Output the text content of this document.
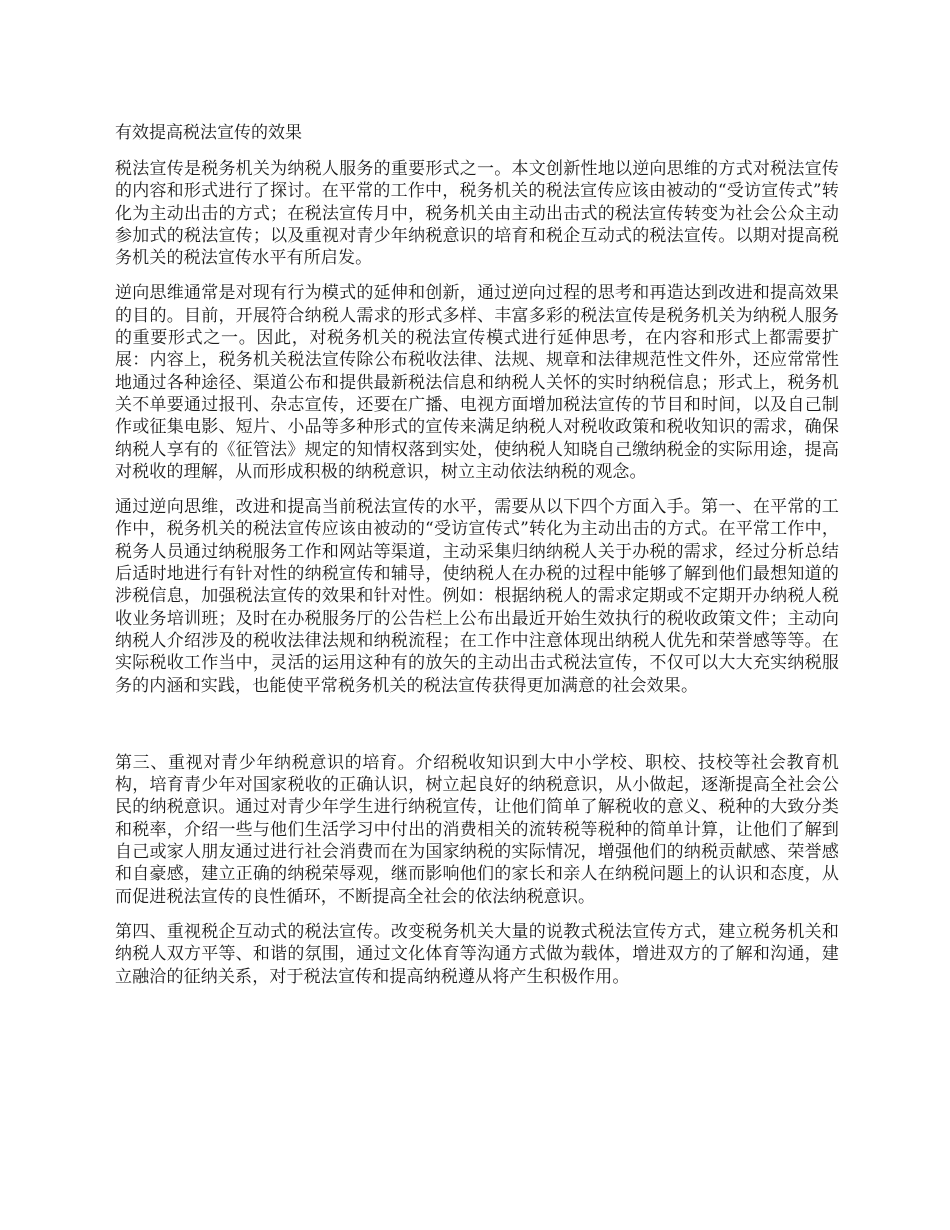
有效提高税法宣传的效果

税法宣传是税务机关为纳税人服务的重要形式之一。本文创新性地以逆向思维的方式对税法宣传的内容和形式进行了探讨。在平常的工作中，税务机关的税法宣传应该由被动的“受访宣传式”转化为主动出击的方式；在税法宣传月中，税务机关由主动出击式的税法宣传转变为社会公众主动参加式的税法宣传；以及重视对青少年纳税意识的培育和税企互动式的税法宣传。以期对提高税务机关的税法宣传水平有所启发。

逆向思维通常是对现有行为模式的延伸和创新，通过逆向过程的思考和再造达到改进和提高效果的目的。目前，开展符合纳税人需求的形式多样、丰富多彩的税法宣传是税务机关为纳税人服务的重要形式之一。因此，对税务机关的税法宣传模式进行延伸思考，在内容和形式上都需要扩展：内容上，税务机关税法宣传除公布税收法律、法规、规章和法律规范性文件外，还应常常性地通过各种途径、渠道公布和提供最新税法信息和纳税人关怀的实时纳税信息；形式上，税务机关不单要通过报刊、杂志宣传，还要在广播、电视方面增加税法宣传的节目和时间，以及自己制作或征集电影、短片、小品等多种形式的宣传来满足纳税人对税收政策和税收知识的需求，确保纳税人享有的《征管法》规定的知情权落到实处，使纳税人知晓自己缴纳税金的实际用途，提高对税收的理解，从而形成积极的纳税意识，树立主动依法纳税的观念。

通过逆向思维，改进和提高当前税法宣传的水平，需要从以下四个方面入手。第一、在平常的工作中，税务机关的税法宣传应该由被动的“受访宣传式”转化为主动出击的方式。在平常工作中，税务人员通过纳税服务工作和网站等渠道，主动采集归纳纳税人关于办税的需求，经过分析总结后适时地进行有针对性的纳税宣传和辅导，使纳税人在办税的过程中能够了解到他们最想知道的涉税信息，加强税法宣传的效果和针对性。例如：根据纳税人的需求定期或不定期开办纳税人税收业务培训班；及时在办税服务厅的公告栏上公布出最近开始生效执行的税收政策文件；主动向纳税人介绍涉及的税收法律法规和纳税流程；在工作中注意体现出纳税人优先和荣誉感等等。在实际税收工作当中，灵活的运用这种有的放矢的主动出击式税法宣传，不仅可以大大充实纳税服务的内涵和实践，也能使平常税务机关的税法宣传获得更加满意的社会效果。

第三、重视对青少年纳税意识的培育。介绍税收知识到大中小学校、职校、技校等社会教育机构，培育青少年对国家税收的正确认识，树立起良好的纳税意识，从小做起，逐渐提高全社会公民的纳税意识。通过对青少年学生进行纳税宣传，让他们简单了解税收的意义、税种的大致分类和税率，介绍一些与他们生活学习中付出的消费相关的流转税等税种的简单计算，让他们了解到自己或家人朋友通过进行社会消费而在为国家纳税的实际情况，增强他们的纳税贡献感、荣誉感和自豪感，建立正确的纳税荣辱观，继而影响他们的家长和亲人在纳税问题上的认识和态度，从而促进税法宣传的良性循环，不断提高全社会的依法纳税意识。

第四、重视税企互动式的税法宣传。改变税务机关大量的说教式税法宣传方式，建立税务机关和纳税人双方平等、和谐的氛围，通过文化体育等沟通方式做为载体，增进双方的了解和沟通，建立融洽的征纳关系，对于税法宣传和提高纳税遵从将产生积极作用。
